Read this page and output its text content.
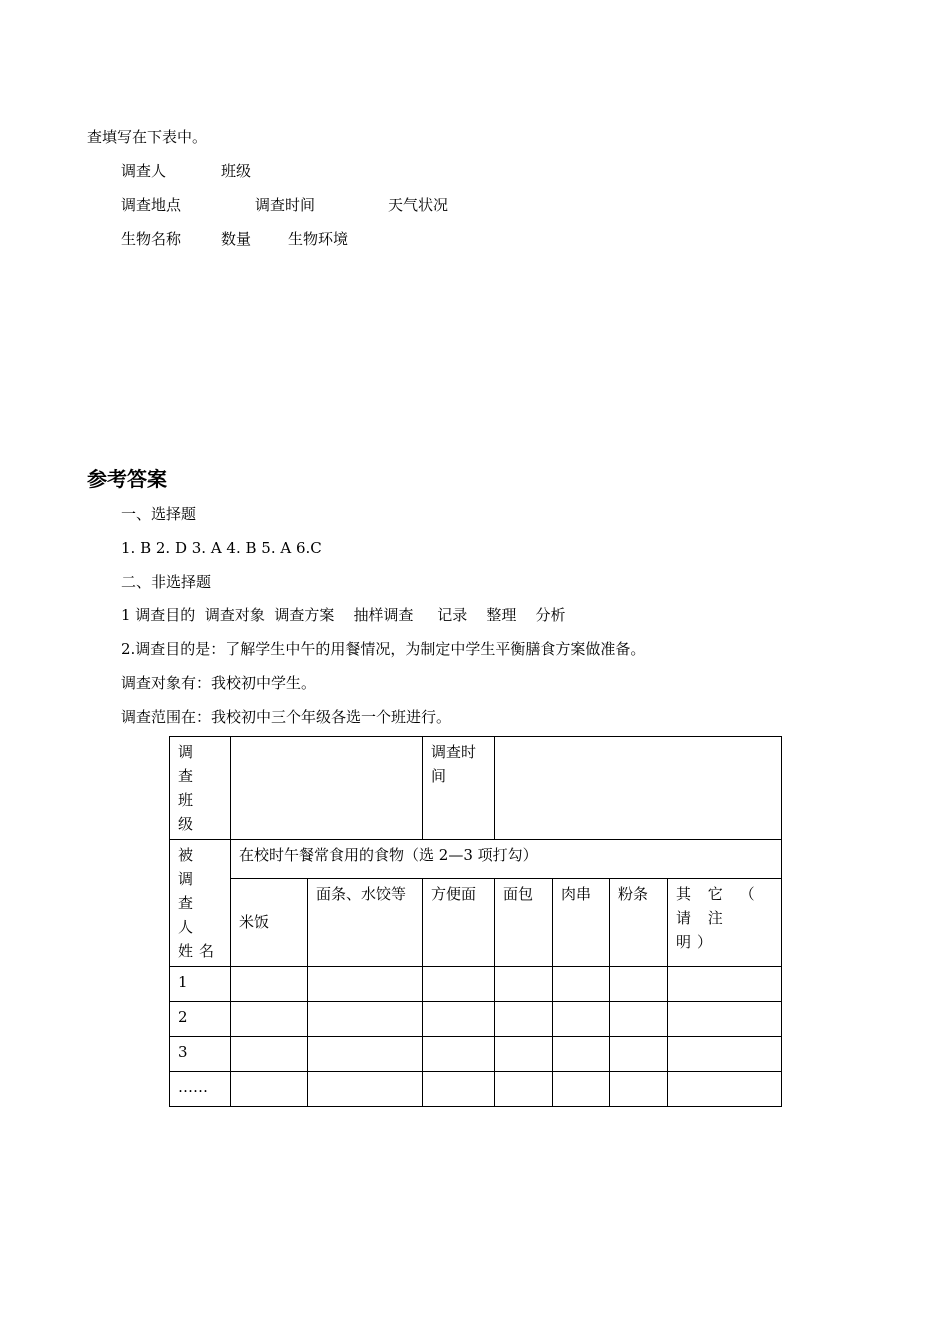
查填写在下表中。
调查人	班级
调查地点	调查时间	天气状况
生物名称	数量 生物环境
参考答案
一、选择题
1. B 2. D 3. A 4. B 5. A 6.C
二、非选择题
1 调查目的  调查对象  调查方案    抽样调查     记录    整理    分析
2.调查目的是：了解学生中午的用餐情况，为制定中学生平衡膳食方案做准备。
调查对象有：我校初中学生。
调查范围在：我校初中三个年级各选一个班进行。
调 查 班 级			调查时间				
被 调 查 人 姓名	在校时午餐常食用的食物（选 2—3 项打勾）						
	米饭	面条、水饺等	方便面	面包	肉串	粉条	其 它 （ 请 注 明）
1							
2							
3							
……							
